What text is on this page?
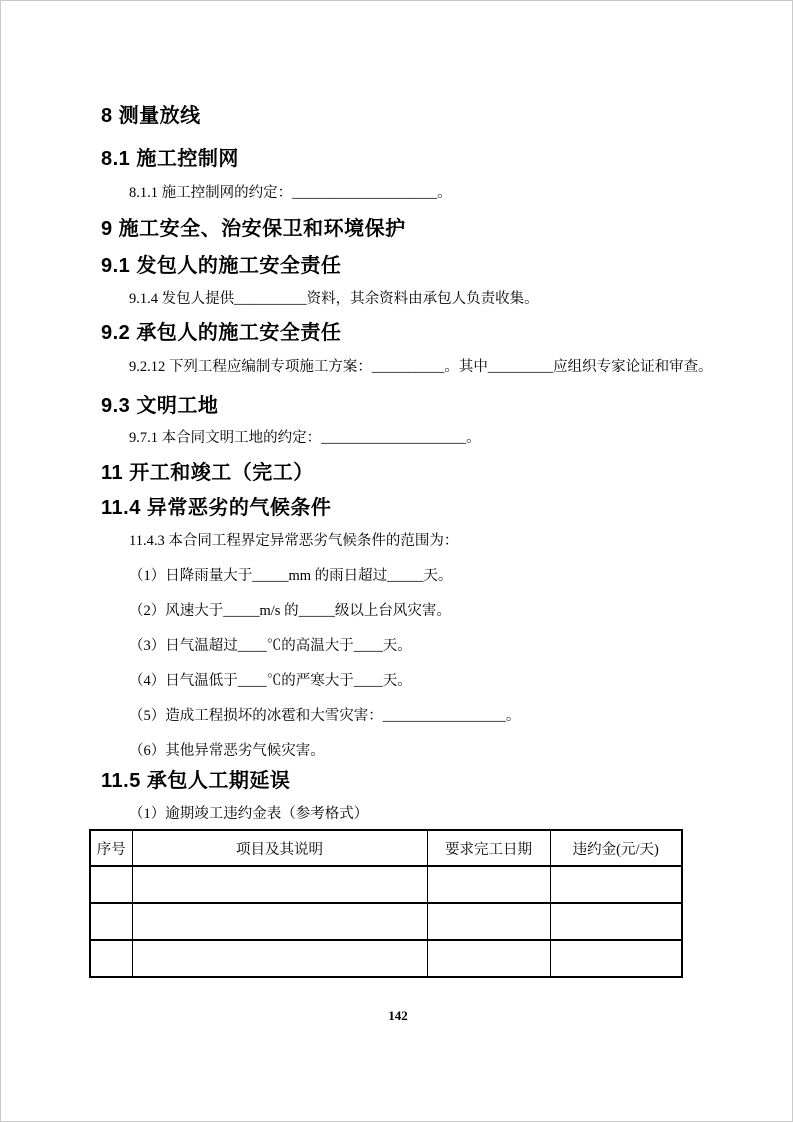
8 测量放线
8.1 施工控制网
8.1.1 施工控制网的约定：____________________。
9 施工安全、治安保卫和环境保护
9.1 发包人的施工安全责任
9.1.4 发包人提供__________资料，其余资料由承包人负责收集。
9.2 承包人的施工安全责任
9.2.12 下列工程应编制专项施工方案：__________。其中_________应组织专家论证和审查。
9.3 文明工地
9.7.1 本合同文明工地的约定：____________________。
11 开工和竣工（完工）
11.4 异常恶劣的气候条件
11.4.3 本合同工程界定异常恶劣气候条件的范围为：
（1）日降雨量大于_____mm 的雨日超过_____天。
（2）风速大于_____m/s 的_____级以上台风灾害。
（3）日气温超过____℃的高温大于____天。
（4）日气温低于____℃的严寒大于____天。
（5）造成工程损坏的冰雹和大雪灾害：_________________。
（6）其他异常恶劣气候灾害。
11.5 承包人工期延误
（1）逾期竣工违约金表（参考格式）
序号	项目及其说明	要求完工日期	违约金(元/天)

142
